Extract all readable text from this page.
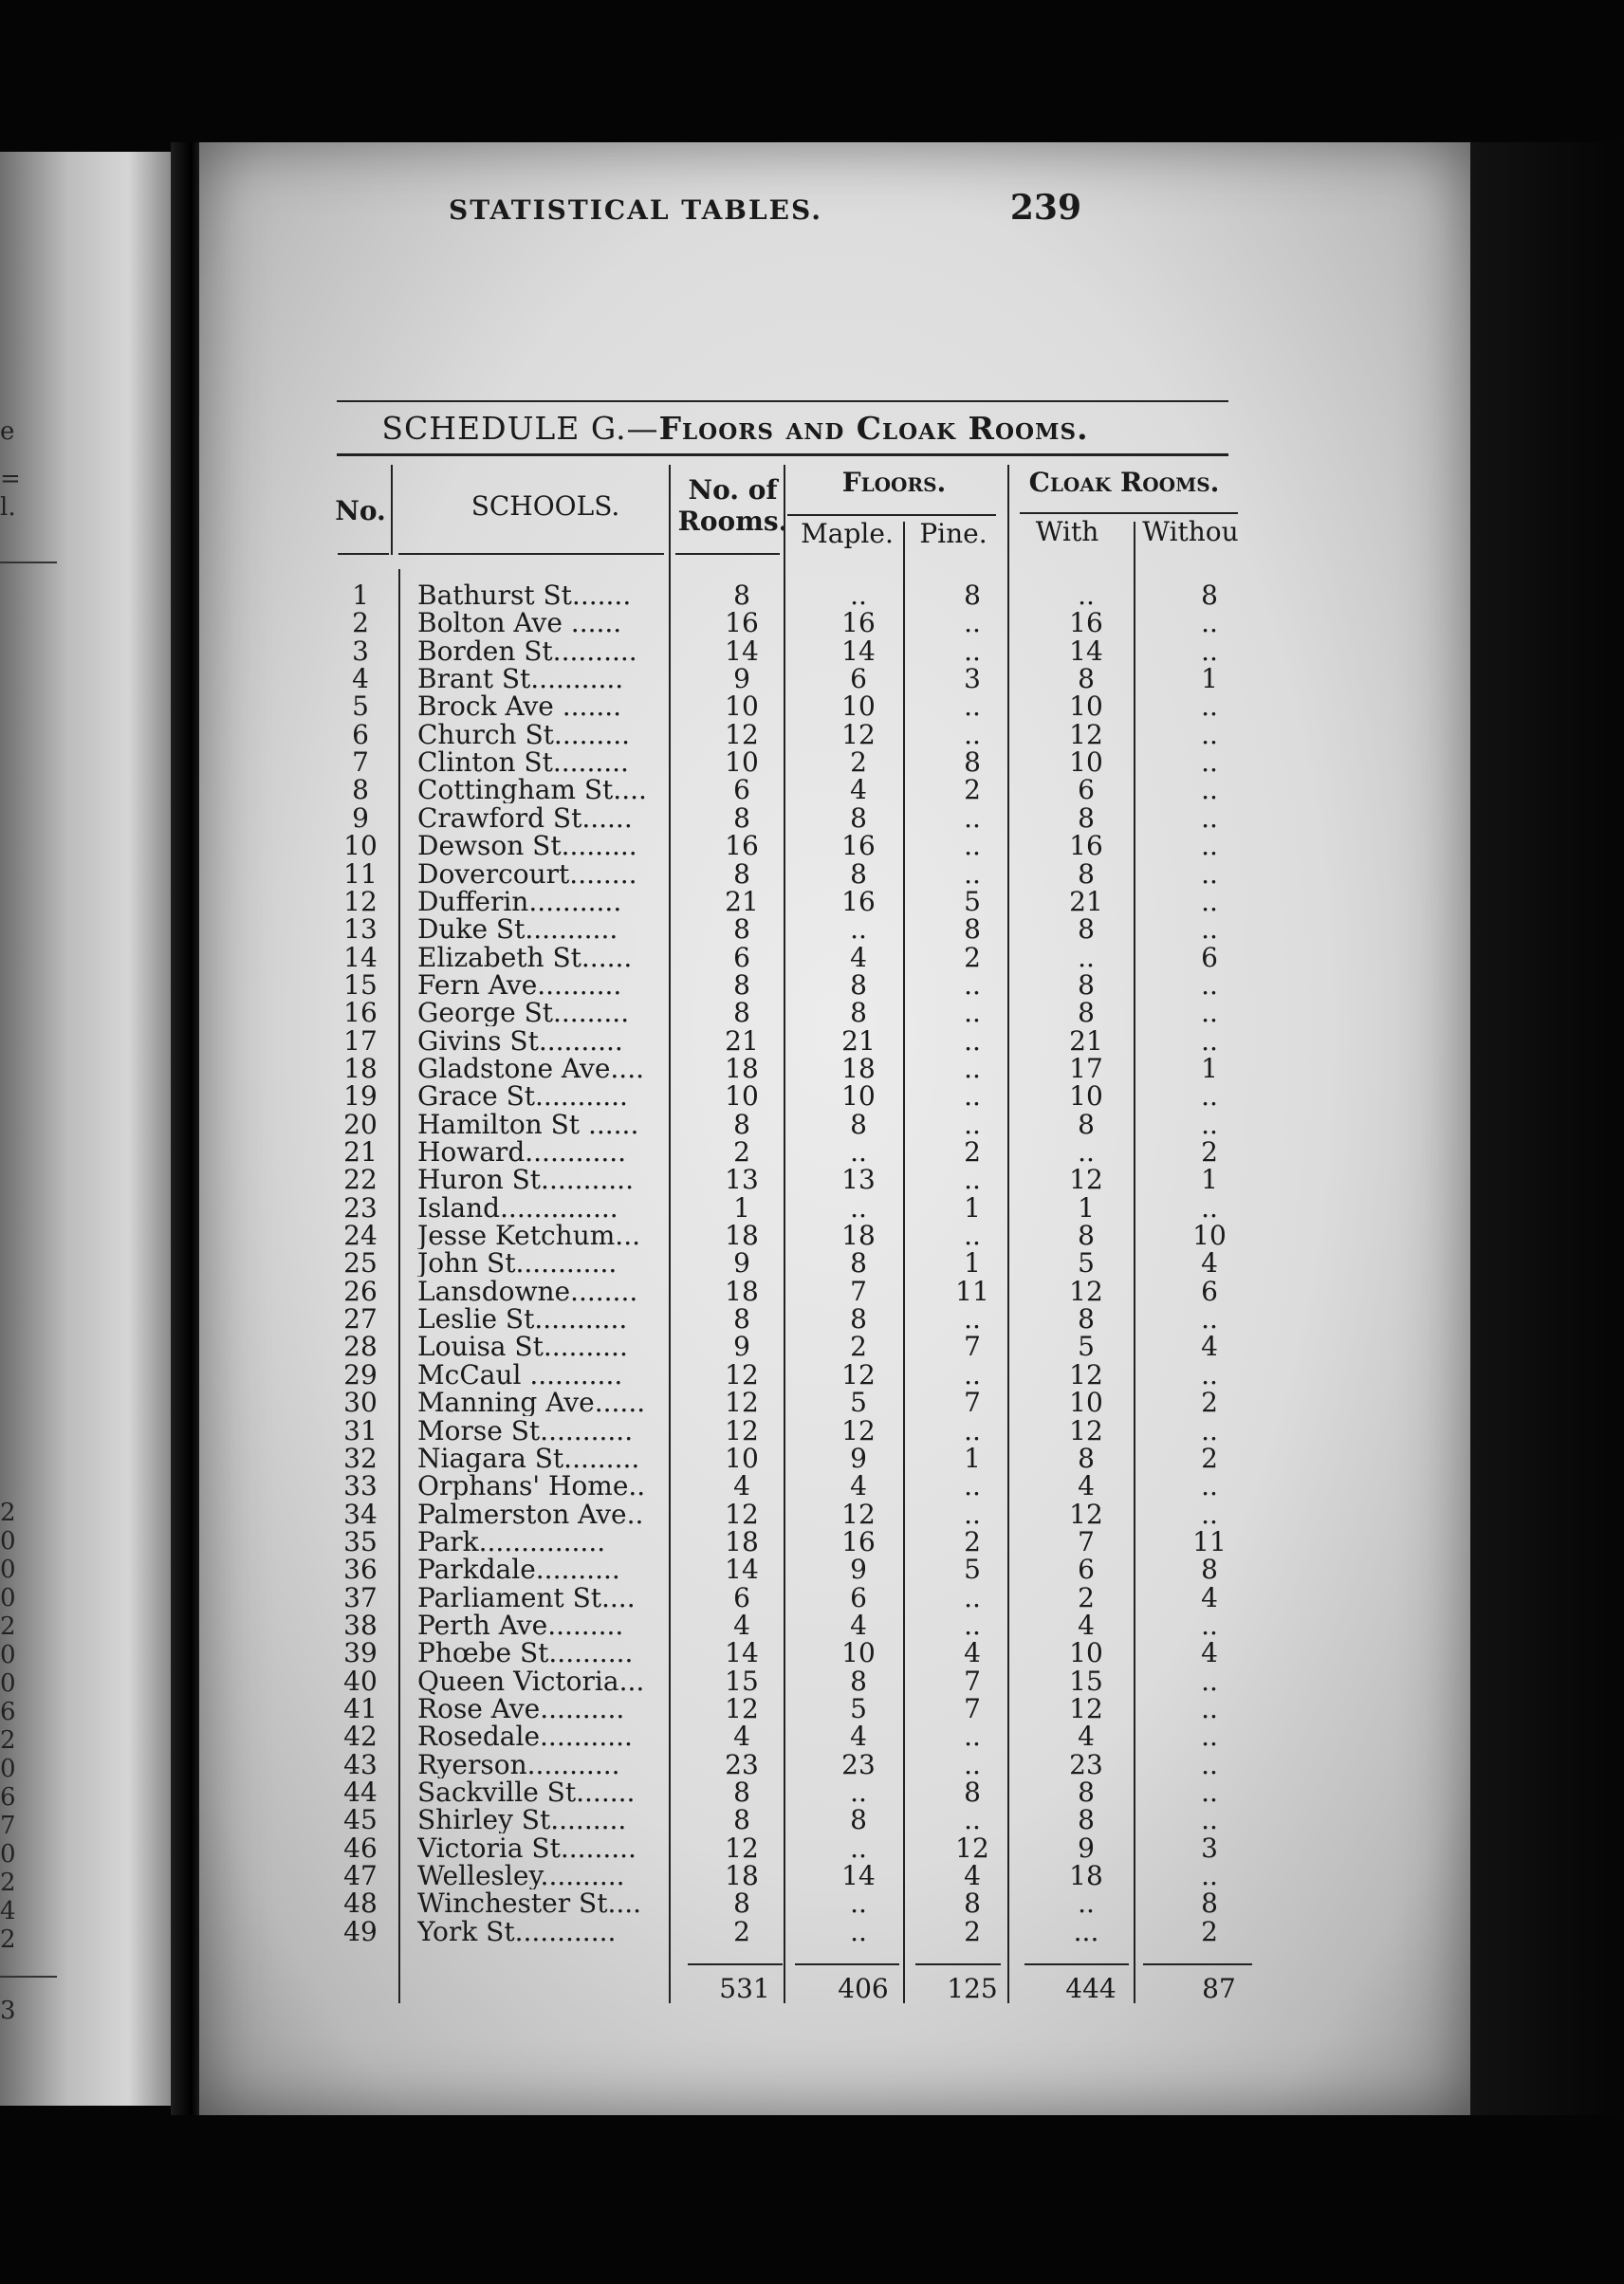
e
=
l.
2
0
0
0
2
0
0
6
2
0
6
7
0
2
4
2
3
STATISTICAL TABLES.	239
SCHEDULE G.—Floors and Cloak Rooms.
No.	SCHOOLS.
No. of
Rooms.
Floors.
Maple. Pine.
Cloak Rooms.
With	Withou
1	Bathurst St.......	8	..	8	..	8
2	Bolton Ave ......	16	16	..	16	..
3	Borden St..........	14	14	..	14	..
4	Brant St...........	9	6	3	8	1
5	Brock Ave .......	10	10	..	10	..
6	Church St.........	12	12	..	12	..
7	Clinton St.........	10	2	8	10	..
8	Cottingham St....	6	4	2	6	..
9	Crawford St......	8	8	..	8	..
10	Dewson St.........	16	16	..	16	..
11	Dovercourt........	8	8	..	8	..
12	Dufferin...........	21	16	5	21	..
13	Duke St...........	8	..	8	8	..
14	Elizabeth St......	6	4	2	..	6
15	Fern Ave..........	8	8	..	8	..
16	George St.........	8	8	..	8	..
17	Givins St..........	21	21	..	21	..
18	Gladstone Ave....	18	18	..	17	1
19	Grace St...........	10	10	..	10	..
20	Hamilton St ......	8	8	..	8	..
21	Howard............	2	..	2	..	2
22	Huron St...........	13	13	..	12	1
23	Island..............	1	..	1	1	..
24	Jesse Ketchum...	18	18	..	8	10
25	John St............	9	8	1	5	4
26	Lansdowne........	18	7	11	12	6
27	Leslie St...........	8	8	..	8	..
28	Louisa St..........	9	2	7	5	4
29	McCaul ...........	12	12	..	12	..
30	Manning Ave......	12	5	7	10	2
31	Morse St...........	12	12	..	12	..
32	Niagara St.........	10	9	1	8	2
33	Orphans' Home..	4	4	..	4	..
34	Palmerston Ave..	12	12	..	12	..
35	Park...............	18	16	2	7	11
36	Parkdale..........	14	9	5	6	8
37	Parliament St....	6	6	..	2	4
38	Perth Ave.........	4	4	..	4	..
39	Phœbe St..........	14	10	4	10	4
40	Queen Victoria...	15	8	7	15	..
41	Rose Ave..........	12	5	7	12	..
42	Rosedale...........	4	4	..	4	..
43	Ryerson...........	23	23	..	23	..
44	Sackville St.......	8	..	8	8	..
45	Shirley St.........	8	8	..	8	..
46	Victoria St.........	12	..	12	9	3
47	Wellesley..........	18	14	4	18	..
48	Winchester St....	8	..	8	..	8
49	York St............	2	..	2	...	2
531	406	125	444	87
